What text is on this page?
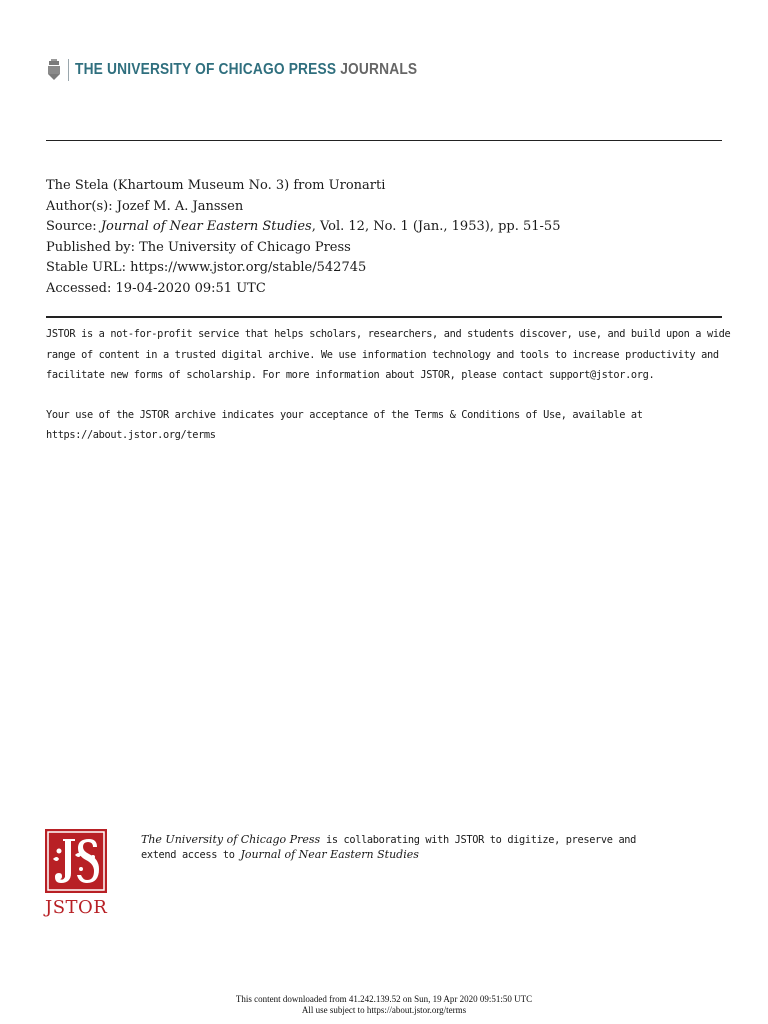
THE UNIVERSITY OF CHICAGO PRESS JOURNALS
The Stela (Khartoum Museum No. 3) from Uronarti
Author(s): Jozef M. A. Janssen
Source: Journal of Near Eastern Studies, Vol. 12, No. 1 (Jan., 1953), pp. 51-55
Published by: The University of Chicago Press
Stable URL: https://www.jstor.org/stable/542745
Accessed: 19-04-2020 09:51 UTC

JSTOR is a not-for-profit service that helps scholars, researchers, and students discover, use, and build upon a wide

range of content in a trusted digital archive. We use information technology and tools to increase productivity and

facilitate new forms of scholarship. For more information about JSTOR, please contact support@jstor.org.

Your use of the JSTOR archive indicates your acceptance of the Terms & Conditions of Use, available at

https://about.jstor.org/terms

JSTOR

The University of Chicago Press is collaborating with JSTOR to digitize, preserve and

extend access to Journal of Near Eastern Studies

This content downloaded from 41.242.139.52 on Sun, 19 Apr 2020 09:51:50 UTC
All use subject to https://about.jstor.org/terms
